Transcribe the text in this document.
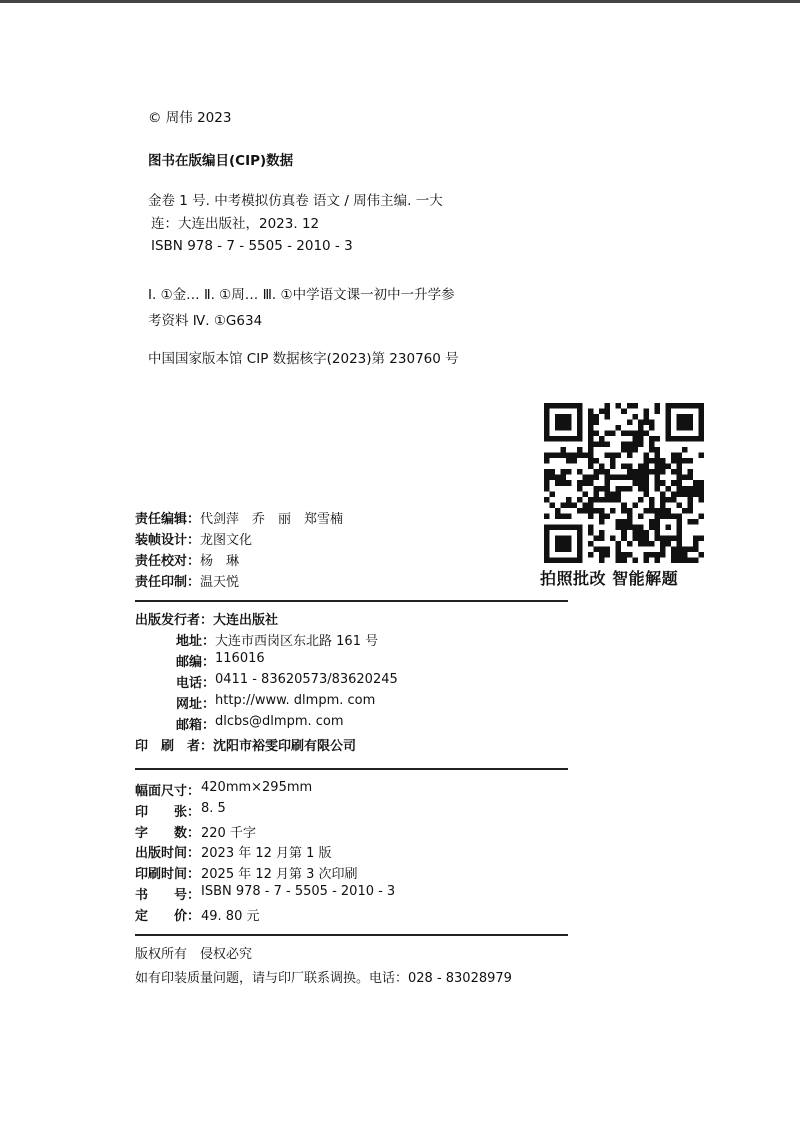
© 周伟 2023
图书在版编目(CIP)数据
金卷 1 号. 中考模拟仿真卷 语文 / 周伟主编. 一大
连：大连出版社，2023. 12
ISBN 978 - 7 - 5505 - 2010 - 3
Ⅰ. ①金… Ⅱ. ①周… Ⅲ. ①中学语文课一初中一升学参
考资料 Ⅳ. ①G634
中国国家版本馆 CIP 数据核字(2023)第 230760 号
拍照批改 智能解题
责任编辑： 代剑萍　乔　丽　郑雪楠
装帧设计： 龙图文化
责任校对： 杨　琳
责任印制： 温天悦
出版发行者： 大连出版社
地址： 大连市西岗区东北路 161 号
邮编： 116016
电话： 0411 - 83620573/83620245
网址： http://www. dlmpm. com
邮箱： dlcbs@dlmpm. com
印　刷　者： 沈阳市裕雯印刷有限公司
幅面尺寸： 420mm×295mm
印　　张： 8. 5
字　　数： 220 千字
出版时间： 2023 年 12 月第 1 版
印刷时间： 2025 年 12 月第 3 次印刷
书　　号： ISBN 978 - 7 - 5505 - 2010 - 3
定　　价： 49. 80 元
版权所有　侵权必究
如有印装质量问题，请与印厂联系调换。电话：028 - 83028979
